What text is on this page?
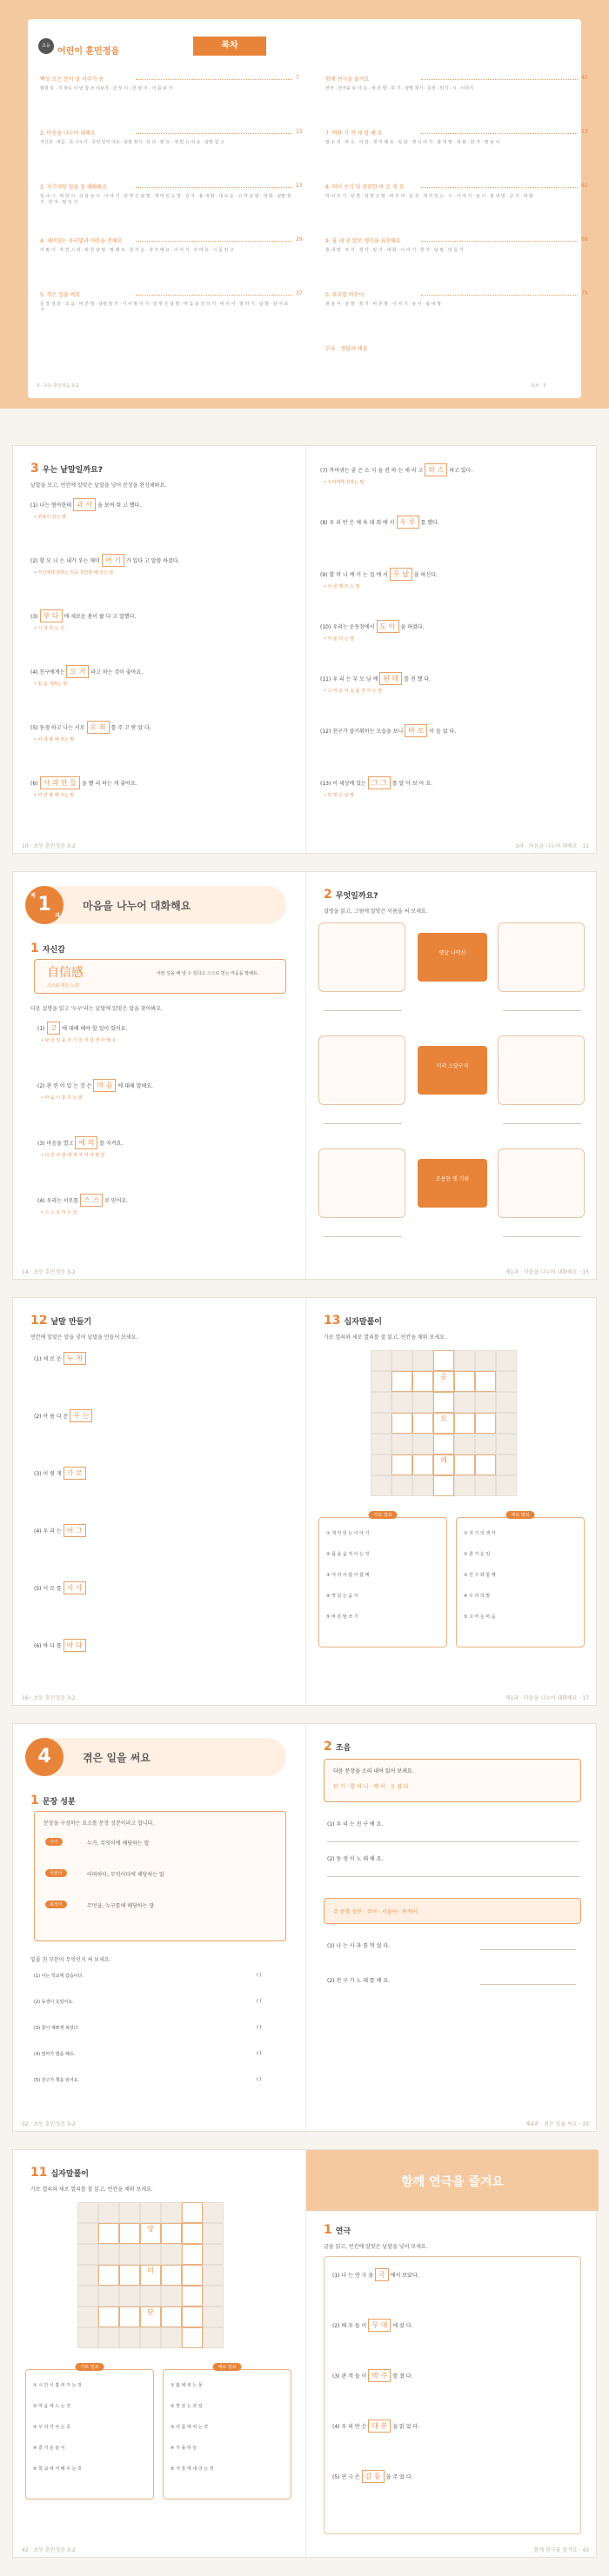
초등
어린이 훈민정음
목차
백성 모든 분이 날 마주가 동	7
범위 요 · 자 파도 이 날 참 조 여보기 · 글 모 이 · 만 엄 이 · 어 름 보 기
2. 마음을 나누어 대해요	13
자신감 · 마음 · 뜻 나누기 · 무엇 일까 어요 · 낱말 찾기 · 되 다 · 뭐 요 · 재 밌 는 어 요 · 낱말 참 고
3. 자기자랑 말을 잘 해봐봐요	23
뜻 나 그 · 떡 만 이 · 속 담 놀 이 · 이 야 기 · 알 맞 은 낱 말 · 재 미 있 는 말 · 글 자 · 흉 내 말 · 새 로 운 · 고 마 운 말 · 대 화 · 낱말 찾기 · 한 자 · 말 잇 기
4. 재미있는 우리말과 마음을 전해요	29
어 말 이 · 자 연 스 러 · 바 른 낱 말 · 말 해 요 · 즐 거 운 · 생 각 해 요 · 이 야 기 · 꾸 며 요 · 시 를 읽 고
5. 겪은 일을 써요	37
문 장 성 분 · 조 음 · 바 른 말 · 낱말 알 기 · 이 어 말 하 기 · 알 맞 은 낱 말 · 마 음 을 전 하 기 · 바 꾸 어 · 말 하 기 · 낱 말 · 알 아 보 기
함께 연극을 즐겨요	45
연극 · 연극을 보 아 요 · 바 른 말 · 하 기 · 낱말 찾기 · 문장 · 읽기 · 시 · 이야기
7. 버라 기 작 게 말 해 요	53
말 소 리 · 파 도 · 어 감 · 생 각 해 요 · 속 담 · 옛 이 야 기 · 흉 내 말 · 대 화 · 한 자 · 말 놀 이
8. 띄어 쓰기 및 관련한 바 르 게 요	61
띄 어 쓰 기 · 낱 말 · 알 맞 은 말 · 바 꾸 어 · 문 장 · 재 미 있 는 · 시 · 이 야 기 · 놀 이 · 흉 내 말 · 글 자 · 대 화
9. 흉 내 낸 말로 생각을 표현해요	69
흉 내 말 · 쓰 기 · 생 각 · 알 기 · 대 화 · 이 야 기 · 한 자 · 낱 말 · 만 들 기
0. 우리말 바꾸어	75
관 용 어 · 낱 말 · 찾 기 · 바 른 말 · 이 야 기 · 놀 이 · 흉 내 말
부록 · 정답과 해설
3 · 초등 훈민정음 3-2	목차 · 5
3 우는 낱말일까요?
낱말을 보고, 빈칸에 알맞은 낱말을 넣어 문장을 완성해봐요.
(1) 나는 형아한테 과 사 을 보여 줘 고 했다.
• 관용이 있는 말
(2) 할 모 니 는 내가 우는 재미 어 기 가 있다 고 말씀 하셨다.
• 자신에게 잘하는 일을 칭찬할 때 쓰는 말
(3) 부 다 에 새로운 봄이 왔 다 고 말했다.
• 시 작 하 는 일
(4) 친구에게는 오 거 라고 하는 것이 좋아요.
• 힘 을 내라는 말
(5) 동생 하고 나는 서로 오 죄 를 주 고 받 았 다.
• 사 과 할 때 쓰는 말
(6) 사 과 만 들 을 빨 리 하는 게 좋아요.
• 미 안 할 때 쓰는 말
10 · 초등 훈민정음 3-2
(7) 까마귀는 좋 은 소 식 을 전 하 는 새 라 고 와 스 하고 있다.
• 우리에게 전하는 말
(8) 우 리 반 은 체 육 대 회 에 서 우 루 를 했다.
(9) 할 머 니 께 서 는 집 에 서 무 납 을 하신다.
• 어 른 께 쓰 는 말
(10) 우리는 운동장에서 도 아 을 하였다.
• 어 울 리 는 말
(11) 우 리 는 부 모 님 께 된 데 를 전 했 다.
• 고 마 운 마 음 을 전 하 는 말
(12) 친구가 즐거워하는 모습을 보니 바 로 이 들 었 다.
(13) 이 세상에 있는 그 그 를 알 아 보 아 요.
• 알 맞 은 낱 말
3과 · 마음을 나누어 대해요 · 11
제 1
과
마음을 나누어 대화해요
1 자신감
自信感
스스로 믿는 느낌
어떤 일을 해 낼 수 있다고 스스로 믿는 마음을 말해요.
다음 설명을 읽고 '누구'라는 낱말에 알맞은 말을 찾아봐요.
(1) 고 에 대해 해야 할 일이 있어요.
• 남 의 일 을 자 기 일 처 럼 생 각 해 요
(2) 관 련 이 있 는 것 은 마 음 에 대해 말해요.
• 마 음 이 통 하 는 말
(3) 마음을 열고 예 의 를 지켜요.
• 다 른 사 람 에 게 지 켜 야 할 일
(4) 우리는 서로를 스 스 로 믿어요.
• 스 스 로 하 는 일
14 · 초등 훈민정음 3-2
2 무엇일까요?
설명을 읽고, 그림에 알맞은 이름을 써 보세요.
옛날 나막신
미리 소달구지
조용한 옛 기와
제1과 · 마음을 나누어 대화해요 · 15
12 낱말 만들기
빈칸에 알맞은 말을 넣어 낱말을 만들어 보세요.
(1) 새 로 운 누 게
(2) 아 름 다 운 우 는
(3) 이 렇 게 가 로
(4) 우 리 는 어 그
(5) 서 로 를 지 사
(6) 바 다 를 바 다
16 · 초등 훈민정음 3-2
13 십자말풀이
가로 열쇠와 세로 열쇠를 잘 읽고, 빈칸을 채워 보세요.
공
오
레
가로 열쇠
① 재 미 있 는 이 야 기
② 몸 을 움 직 이 는 것
③ 여 러 사 람 이 함 께
④ 맛 있 는 음 식
⑤ 바 른 말 쓰 기
세로 열쇠
① 자 기 의 생 각
② 즐 거 운 일
③ 친 구 와 함 께
④ 우 리 의 말
⑤ 고 마 운 마 음
제1과 · 마음을 나누어 대화해요 · 17
4	겪은 일을 써요
1 문장 성분
문장을 구성하는 요소를 문장 성분이라고 합니다.
주어	누가, 무엇이에 해당하는 말
서술어	어떠하다, 무엇이다에 해당하는 말
목적어	무엇을, 누구를에 해당하는 말
밑줄 친 부분이 무엇인지 써 보세요.
(1) 나는 학교에 갔습니다.	( )
(2) 동생이 웃었어요.	( )
(3) 꽃이 예쁘게 피었다.	( )
(4) 엄마가 밥을 해요.	( )
(5) 친구가 책을 읽어요.	( )
32 · 초등 훈민정음 3-2
2 조음
다음 문장을 소리 내어 읽어 보세요.
보 기 · 할 머 니 · 께 서 · 오 셨 다
(1) 우 리 는 친 구 예 요.
(2) 동 생 이 노 래 해 요.
주 문장 성분 : 주어 · 서술어 · 목적어
(1) 나 는 사 과 를 먹 었 다.
(2) 친 구 가 노 래 를 해 요.
제4과 · 겪은 일을 써요 · 33
11 십자말풀이
가로 열쇠와 세로 열쇠를 잘 읽고, 빈칸을 채워 보세요.
양
미
단
가로 열쇠
① 시 간 이 흘 러 가 는 것
② 마 음 에 드 는 것
③ 우 리 가 사 는 곳
④ 즐 거 운 놀 이
⑤ 학 교 에 서 배 우 는 것
세로 열쇠
① 봄 에 피 는 꽃
② 맛 있 는 과 일
③ 여 름 에 먹 는 것
④ 가 을 하 늘
⑤ 겨 울 에 내 리 는 것
42 · 초등 훈민정음 3-2
함께 연극을 즐겨요
1 연극
글을 읽고, 빈칸에 알맞은 낱말을 넣어 보세요.
(1) 나 는 연 극 을 극 에서 보았다.
(2) 배 우 들 이 무 대 에 섰 다.
(3) 관 객 들 이 박 수 를 쳤 다.
(4) 우 리 반 은 대 본 을 읽 었 다.
(5) 연 극 은 감 동 을 주 었 다.
함께 연극을 즐겨요 · 43
